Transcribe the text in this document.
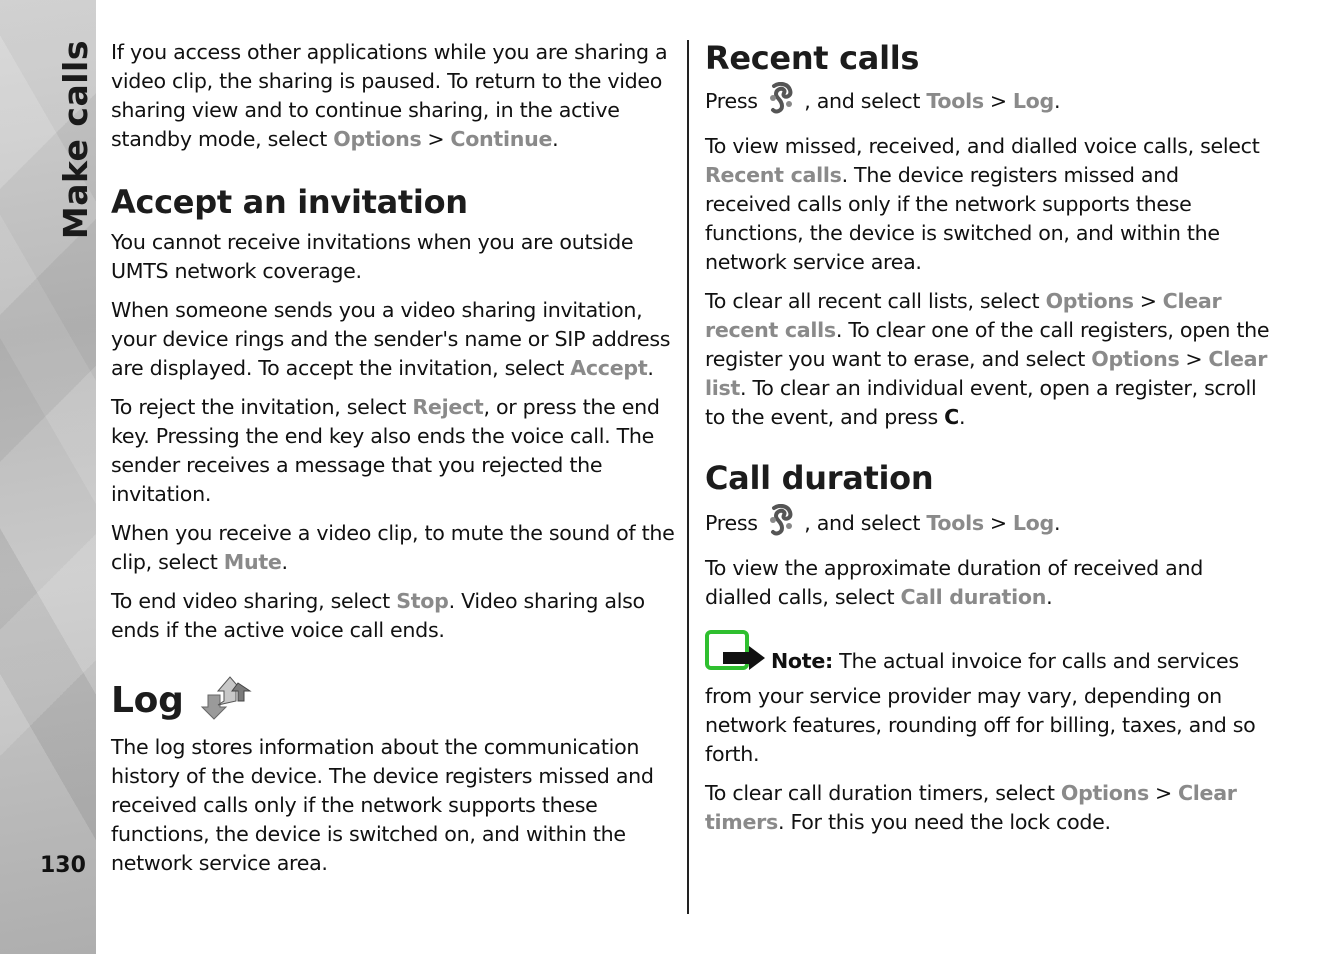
Make calls
130

If you access other applications while you are sharing a video clip, the sharing is paused. To return to the video sharing view and to continue sharing, in the active standby mode, select Options > Continue.

Accept an invitation

You cannot receive invitations when you are outside UMTS network coverage.

When someone sends you a video sharing invitation, your device rings and the sender's name or SIP address are displayed. To accept the invitation, select Accept.

To reject the invitation, select Reject, or press the end key. Pressing the end key also ends the voice call. The sender receives a message that you rejected the invitation.

When you receive a video clip, to mute the sound of the clip, select Mute.

To end video sharing, select Stop. Video sharing also ends if the active voice call ends.

Log

The log stores information about the communication history of the device. The device registers missed and received calls only if the network supports these functions, the device is switched on, and within the network service area.

Recent calls

Press , and select Tools > Log.

To view missed, received, and dialled voice calls, select Recent calls. The device registers missed and received calls only if the network supports these functions, the device is switched on, and within the network service area.

To clear all recent call lists, select Options > Clear recent calls. To clear one of the call registers, open the register you want to erase, and select Options > Clear list. To clear an individual event, open a register, scroll to the event, and press C.

Call duration

Press , and select Tools > Log.

To view the approximate duration of received and dialled calls, select Call duration.

Note: The actual invoice for calls and services from your service provider may vary, depending on network features, rounding off for billing, taxes, and so forth.

To clear call duration timers, select Options > Clear timers. For this you need the lock code.
